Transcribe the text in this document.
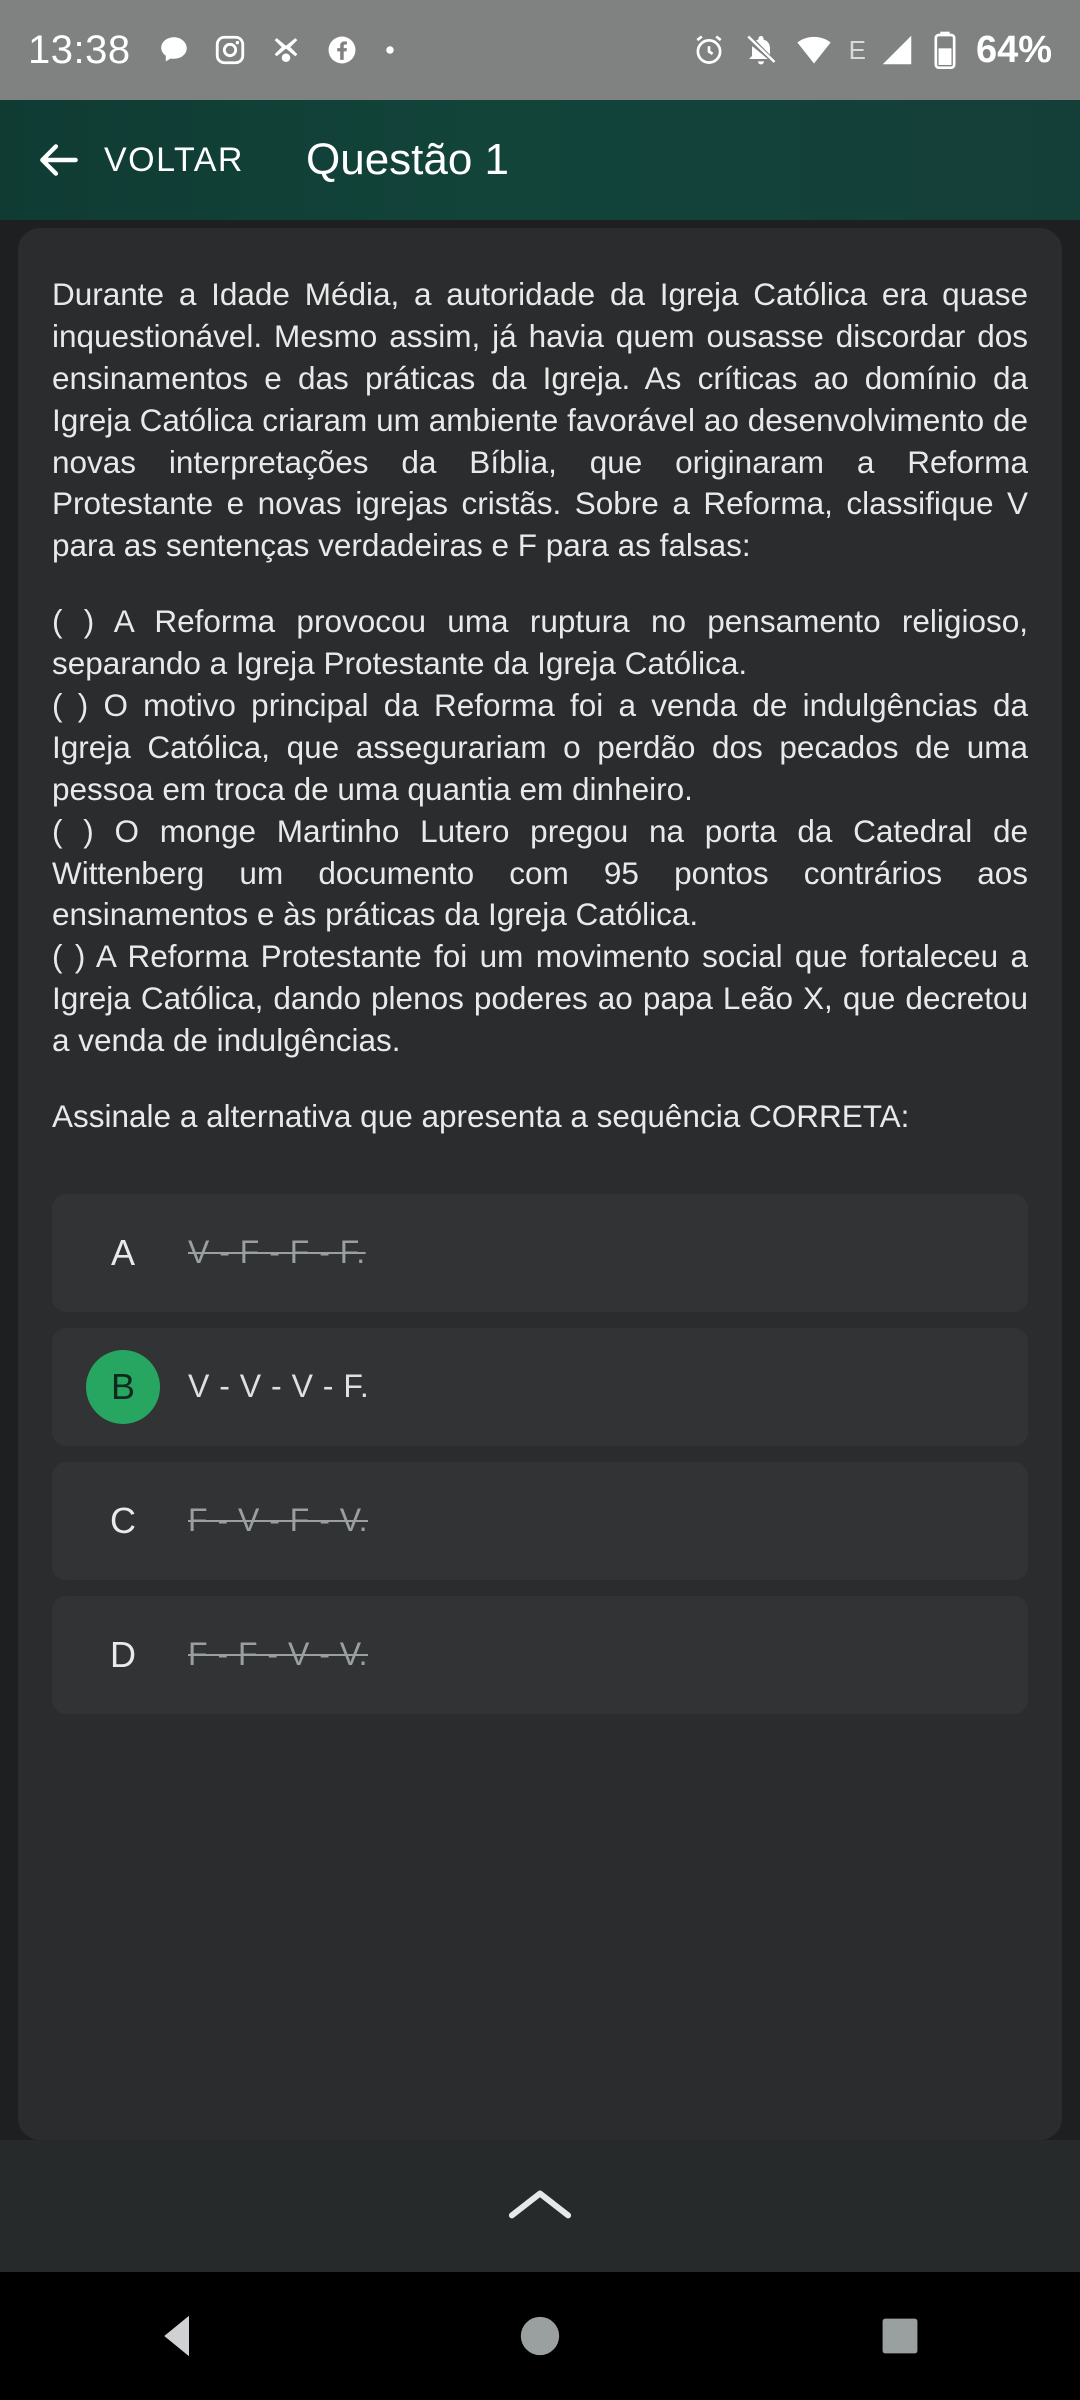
13:38	E	64%
VOLTAR Questão 1

Durante a Idade Média, a autoridade da Igreja Católica era quase inquestionável. Mesmo assim, já havia quem ousasse discordar dos ensinamentos e das práticas da Igreja. As críticas ao domínio da Igreja Católica criaram um ambiente favorável ao desenvolvimento de novas interpretações da Bíblia, que originaram a Reforma Protestante e novas igrejas cristãs. Sobre a Reforma, classifique V para as sentenças verdadeiras e F para as falsas:

( ) A Reforma provocou uma ruptura no pensamento religioso, separando a Igreja Protestante da Igreja Católica.

( ) O motivo principal da Reforma foi a venda de indulgências da Igreja Católica, que assegurariam o perdão dos pecados de uma pessoa em troca de uma quantia em dinheiro.

( ) O monge Martinho Lutero pregou na porta da Catedral de Wittenberg um documento com 95 pontos contrários aos ensinamentos e às práticas da Igreja Católica.

( ) A Reforma Protestante foi um movimento social que fortaleceu a Igreja Católica, dando plenos poderes ao papa Leão X, que decretou a venda de indulgências.

Assinale a alternativa que apresenta a sequência CORRETA:

A	V - F - F - F.
B	V - V - V - F.
C	F - V - F - V.
D	F - F - V - V.
